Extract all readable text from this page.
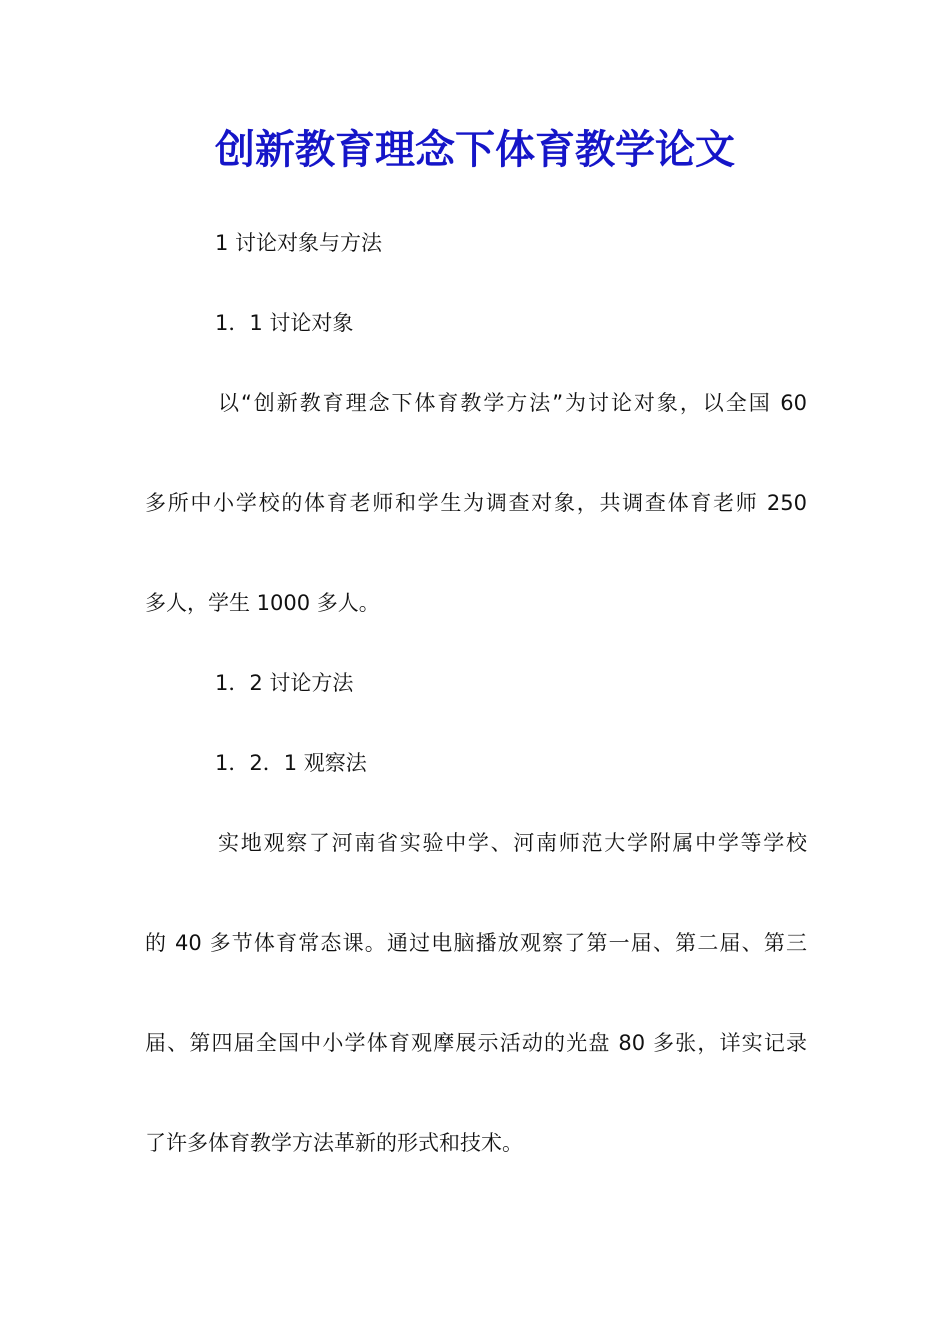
创新教育理念下体育教学论文

1 讨论对象与方法

1．1 讨论对象

以“创新教育理念下体育教学方法”为讨论对象，以全国 60

多所中小学校的体育老师和学生为调查对象，共调查体育老师 250

多人，学生 1000 多人。

1．2 讨论方法

1．2．1 观察法

实地观察了河南省实验中学、河南师范大学附属中学等学校

的 40 多节体育常态课。通过电脑播放观察了第一届、第二届、第三

届、第四届全国中小学体育观摩展示活动的光盘 80 多张，详实记录

了许多体育教学方法革新的形式和技术。
